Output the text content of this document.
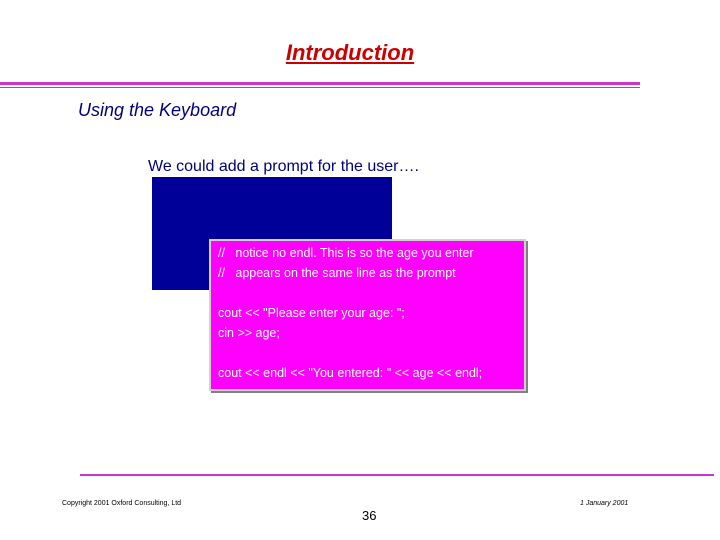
Introduction
Using the Keyboard
We could add a prompt for the user….
//   notice no endl. This is so the age you enter
//   appears on the same line as the prompt
cout << "Please enter your age: ";
cin >> age;
cout << endl << "You entered: " << age << endl;
Copyright 2001 Oxford Consulting, Ltd
36
1 January 2001
